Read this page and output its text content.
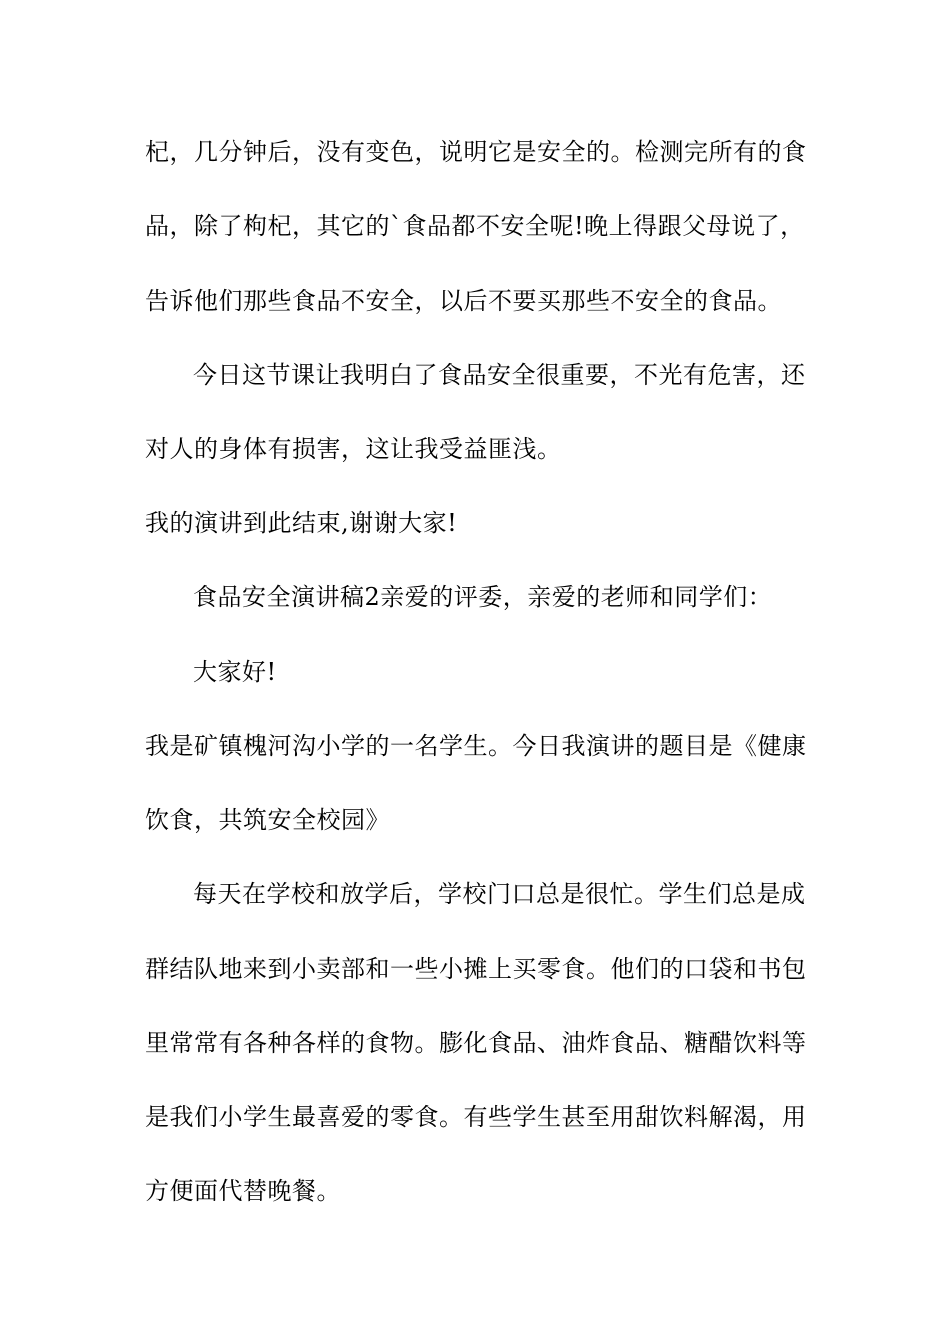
杞，几分钟后，没有变色，说明它是安全的。检测完所有的食
品，除了枸杞，其它的`食品都不安全呢!晚上得跟父母说了，
告诉他们那些食品不安全，以后不要买那些不安全的食品。
今日这节课让我明白了食品安全很重要，不光有危害，还
对人的身体有损害，这让我受益匪浅。
我的演讲到此结束,谢谢大家!
食品安全演讲稿2亲爱的评委，亲爱的老师和同学们：
大家好!
我是矿镇槐河沟小学的一名学生。今日我演讲的题目是《健康
饮食，共筑安全校园》
每天在学校和放学后，学校门口总是很忙。学生们总是成
群结队地来到小卖部和一些小摊上买零食。他们的口袋和书包
里常常有各种各样的食物。膨化食品、油炸食品、糖醋饮料等
是我们小学生最喜爱的零食。有些学生甚至用甜饮料解渴，用
方便面代替晚餐。
